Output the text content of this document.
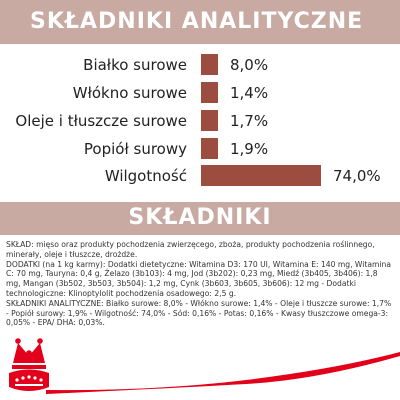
SKŁADNIKI ANALITYCZNE
Białko surowe	8,0%
Włókno surowe	1,4%
Oleje i tłuszcze surowe	1,7%
Popiół surowy	1,9%
Wilgotność	74,0%
SKŁADNIKI

SKŁAD: mięso oraz produkty pochodzenia zwierzęcego, zboża, produkty pochodzenia roślinnego, minerały, oleje i tłuszcze, drożdże.

DODATKI (na 1 kg karmy): Dodatki dietetyczne: Witamina D3: 170 UI, Witamina E: 140 mg, Witamina C: 70 mg, Tauryna: 0,4 g, Żelazo (3b103): 4 mg, Jod (3b202): 0,23 mg, Miedź (3b405, 3b406): 1,8 mg, Mangan (3b502, 3b503, 3b504): 1,2 mg, Cynk (3b603, 3b605, 3b606): 12 mg - Dodatki technologiczne: Klinoptylolit pochodzenia osadowego: 2,5 g.

SKŁADNIKI ANALITYCZNE: Białko surowe: 8,0% - Włókno surowe: 1,4% - Oleje i tłuszcze surowe: 1,7% - Popiół surowy: 1,9% - Wilgotność: 74,0% - Sód: 0,16% - Potas: 0,16% - Kwasy tłuszczowe omega-3: 0,05% - EPA/ DHA: 0,03%.
